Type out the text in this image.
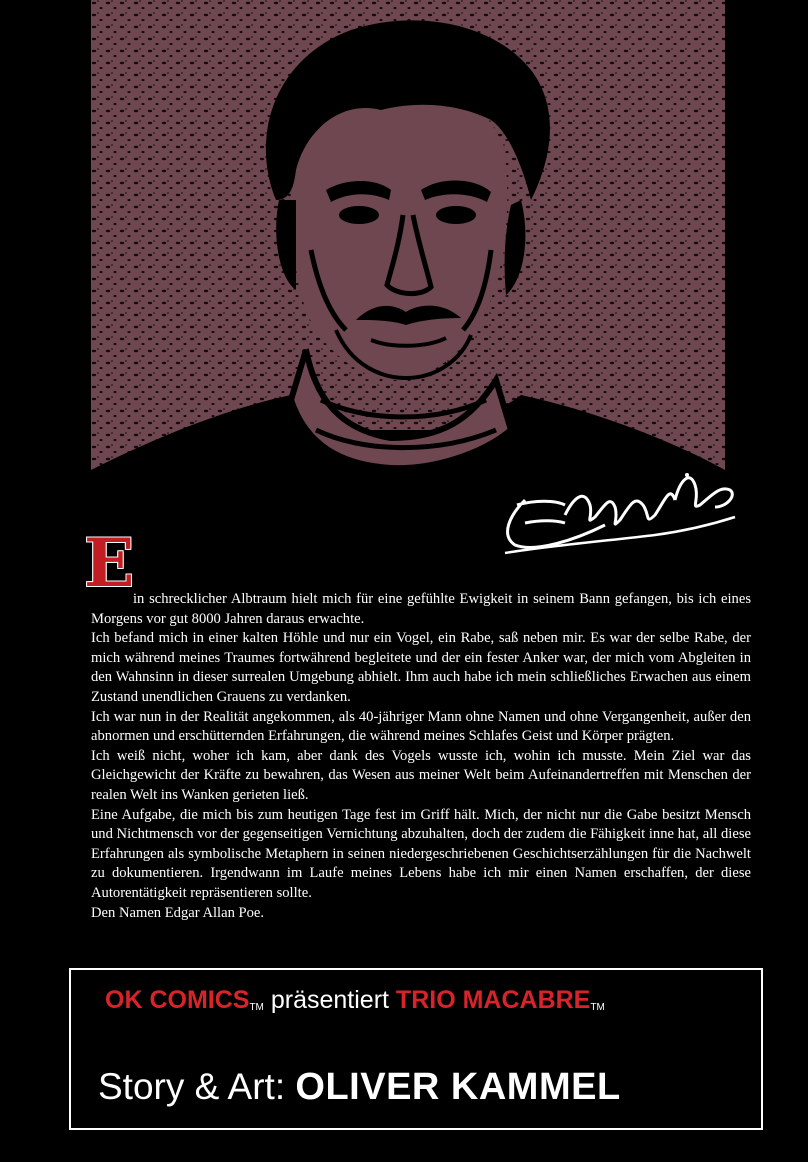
E

in schrecklicher Albtraum hielt mich für eine gefühlte Ewigkeit in seinem Bann gefangen, bis ich eines Morgens vor gut 8000 Jahren daraus erwachte.

Ich befand mich in einer kalten Höhle und nur ein Vogel, ein Rabe, saß neben mir. Es war der selbe Rabe, der mich während meines Traumes fortwährend begleitete und der ein fester Anker war, der mich vom Abgleiten in den Wahnsinn in dieser surrealen Umgebung abhielt. Ihm auch habe ich mein schließliches Erwachen aus einem Zustand unendlichen Grauens zu verdanken.

Ich war nun in der Realität angekommen, als 40-jähriger Mann ohne Namen und ohne Vergangenheit, außer den abnormen und erschütternden Erfahrungen, die während meines Schlafes Geist und Körper prägten.

Ich weiß nicht, woher ich kam, aber dank des Vogels wusste ich, wohin ich musste. Mein Ziel war das Gleichgewicht der Kräfte zu bewahren, das Wesen aus meiner Welt beim Aufeinandertreffen mit Menschen der realen Welt ins Wanken gerieten ließ.

Eine Aufgabe, die mich bis zum heutigen Tage fest im Griff hält. Mich, der nicht nur die Gabe besitzt Mensch und Nichtmensch vor der gegenseitigen Vernichtung abzuhalten, doch der zudem die Fähigkeit inne hat, all diese Erfahrungen als symbolische Metaphern in seinen niedergeschriebenen Geschichtserzählungen für die Nachwelt zu dokumentieren. Irgendwann im Laufe meines Lebens habe ich mir einen Namen erschaffen, der diese Autorentätigkeit repräsentieren sollte.

Den Namen Edgar Allan Poe.

OK COMICSTM präsentiert TRIO MACABRETM
Story & Art: OLIVER KAMMEL
